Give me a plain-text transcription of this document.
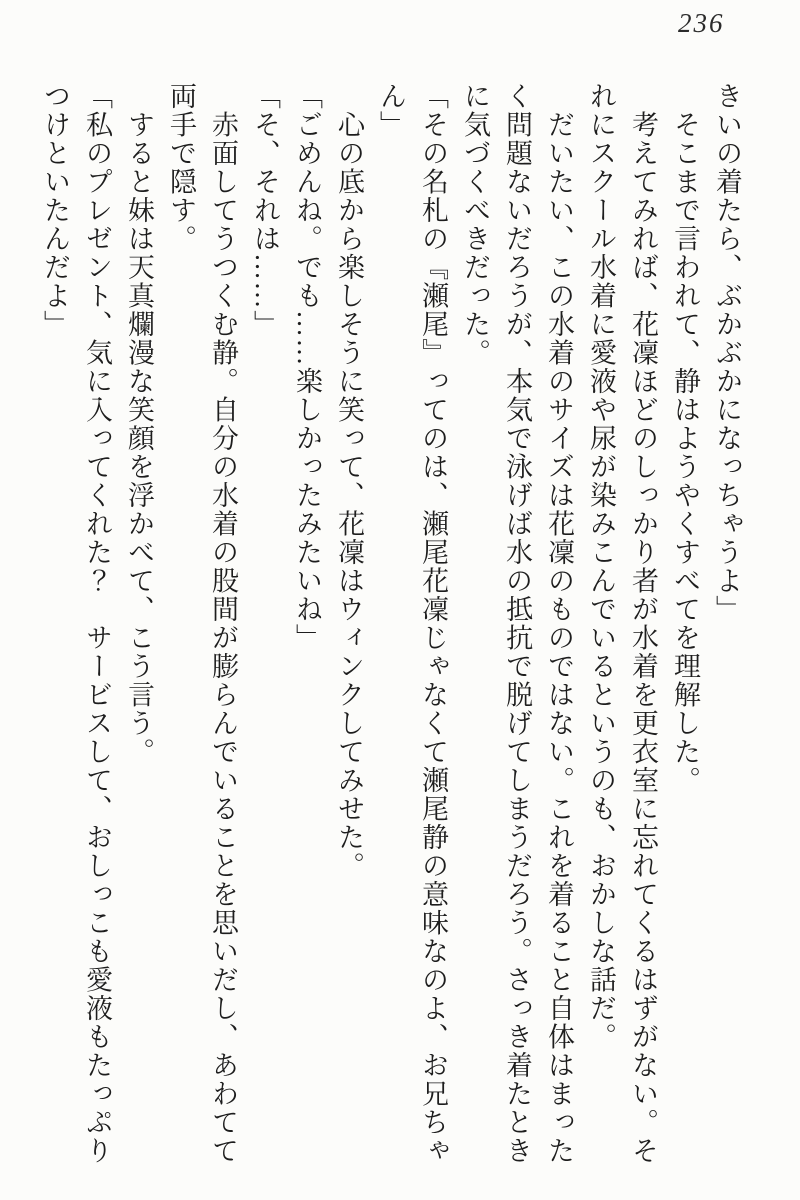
236

きいの着たら、ぶかぶかになっちゃうよ」

　そこまで言われて、静はようやくすべてを理解した。

　考えてみれば、花凜ほどのしっかり者が水着を更衣室に忘れてくるはずがない。そ

れにスクール水着に愛液や尿が染みこんでいるというのも、おかしな話だ。

　だいたい、この水着のサイズは花凜のものではない。これを着ること自体はまった

く問題ないだろうが、本気で泳げば水の抵抗で脱げてしまうだろう。さっき着たとき

に気づくべきだった。

「その名札の『瀬尾』ってのは、瀬尾花凜じゃなくて瀬尾静の意味なのよ、お兄ちゃ

ん」

　心の底から楽しそうに笑って、花凜はウィンクしてみせた。

「ごめんね。でも……楽しかったみたいね」

「そ、それは……」

　赤面してうつくむ静。自分の水着の股間が膨らんでいることを思いだし、あわてて

両手で隠す。

　すると妹は天真爛漫な笑顔を浮かべて、こう言う。

「私のプレゼント、気に入ってくれた？　サービスして、おしっこも愛液もたっぷり

つけといたんだよ」
